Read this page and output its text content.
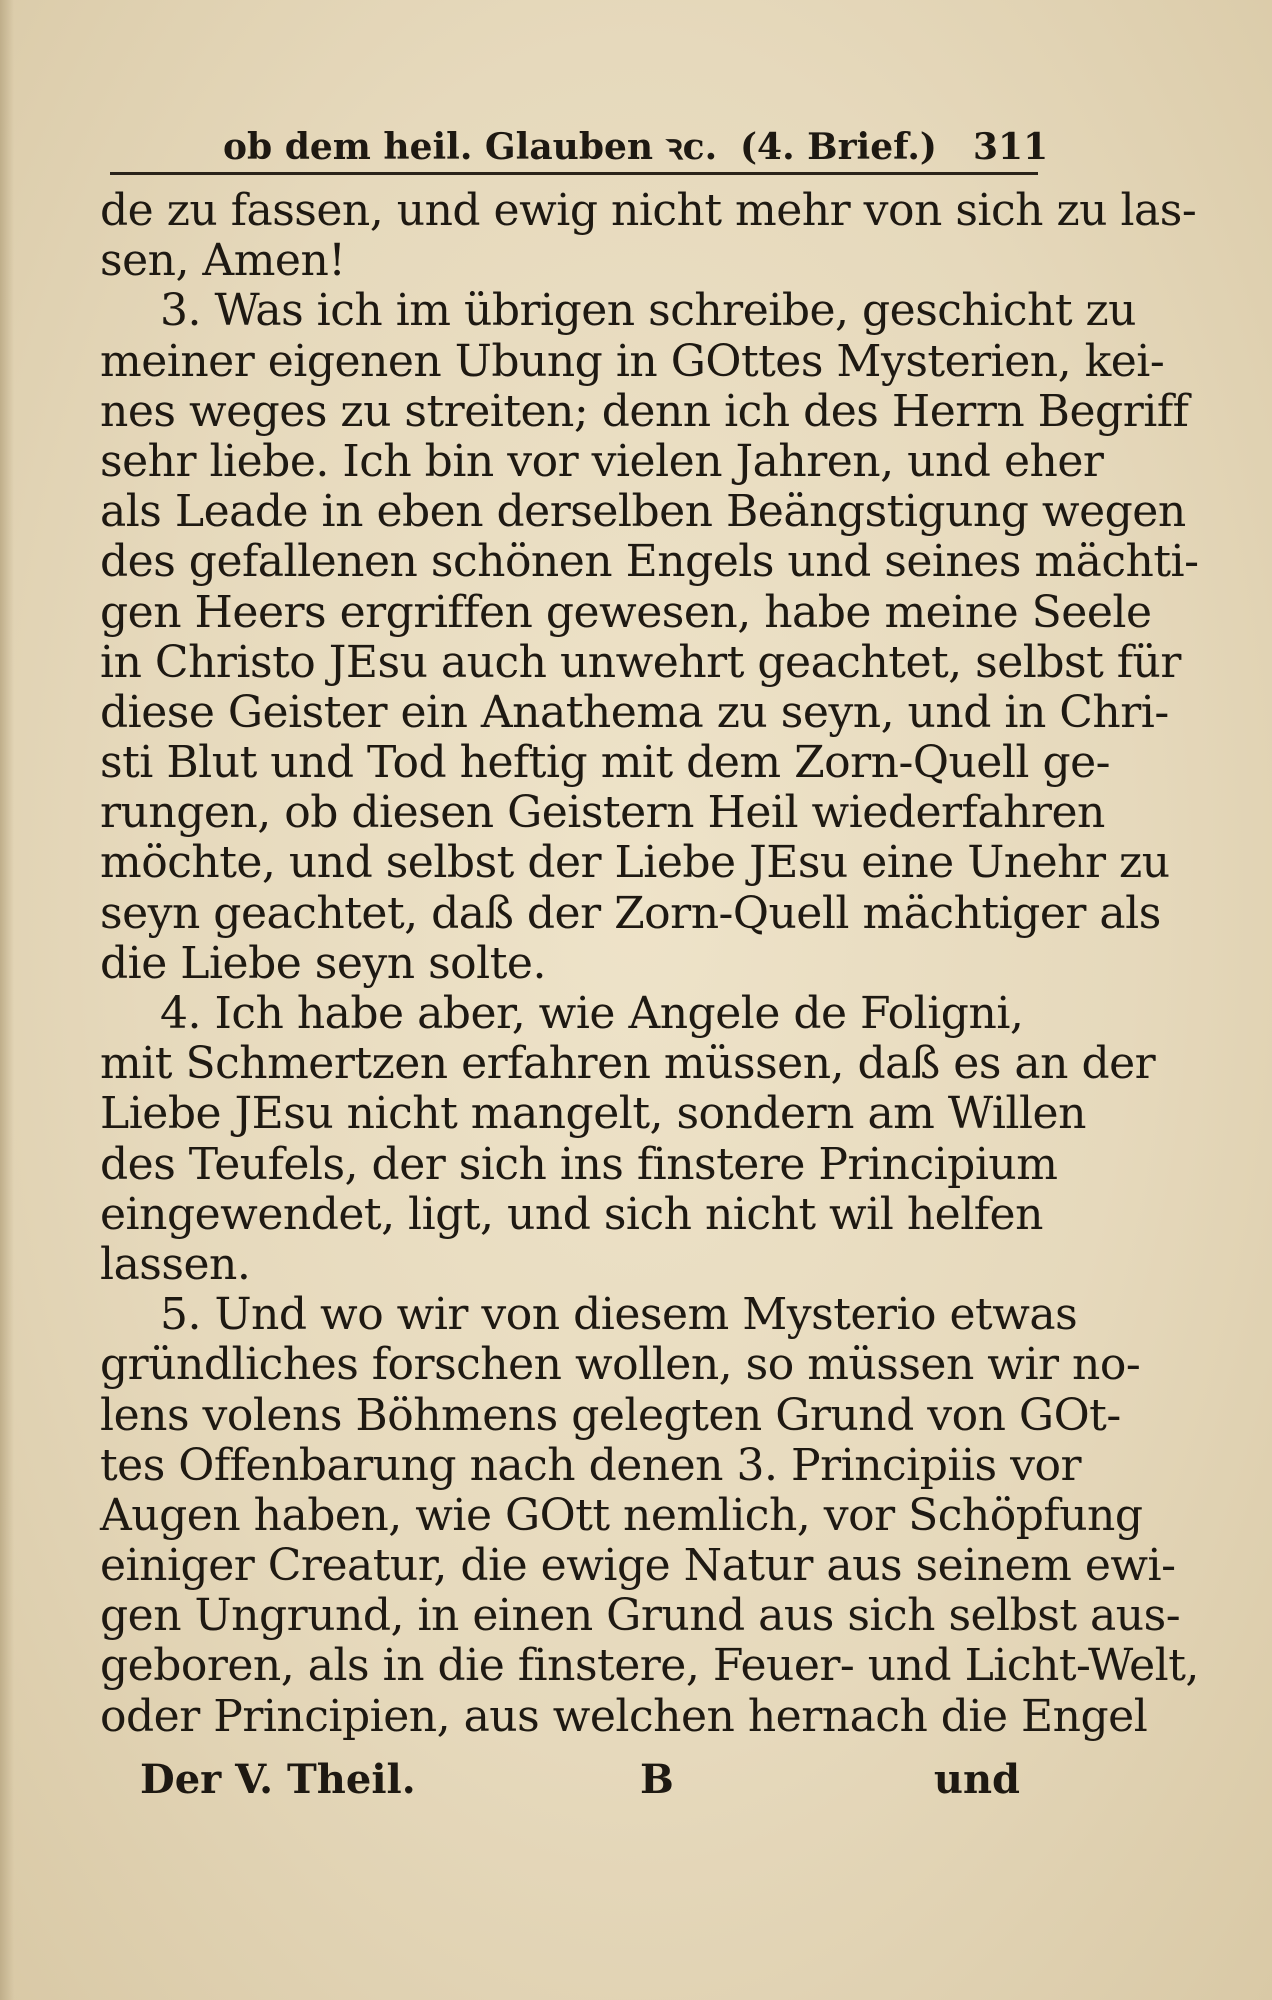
ob dem heil. Glauben ꝛc. (4. Brief.) 311
de zu fassen, und ewig nicht mehr von sich zu las-
sen, Amen!
3. Was ich im übrigen schreibe, geschicht zu
meiner eigenen Ubung in GOttes Mysterien, kei-
nes weges zu streiten; denn ich des Herrn Begriff
sehr liebe. Ich bin vor vielen Jahren, und eher
als Leade in eben derselben Beängstigung wegen
des gefallenen schönen Engels und seines mächti-
gen Heers ergriffen gewesen, habe meine Seele
in Christo JEsu auch unwehrt geachtet, selbst für
diese Geister ein Anathema zu seyn, und in Chri-
sti Blut und Tod heftig mit dem Zorn-Quell ge-
rungen, ob diesen Geistern Heil wiederfahren
möchte, und selbst der Liebe JEsu eine Unehr zu
seyn geachtet, daß der Zorn-Quell mächtiger als
die Liebe seyn solte.
4. Ich habe aber, wie Angele de Foligni,
mit Schmertzen erfahren müssen, daß es an der
Liebe JEsu nicht mangelt, sondern am Willen
des Teufels, der sich ins finstere Principium
eingewendet, ligt, und sich nicht wil helfen
lassen.
5. Und wo wir von diesem Mysterio etwas
gründliches forschen wollen, so müssen wir no-
lens volens Böhmens gelegten Grund von GOt-
tes Offenbarung nach denen 3. Principiis vor
Augen haben, wie GOtt nemlich, vor Schöpfung
einiger Creatur, die ewige Natur aus seinem ewi-
gen Ungrund, in einen Grund aus sich selbst aus-
geboren, als in die finstere, Feuer- und Licht-Welt,
oder Principien, aus welchen hernach die Engel
Der V. Theil.	B	und
